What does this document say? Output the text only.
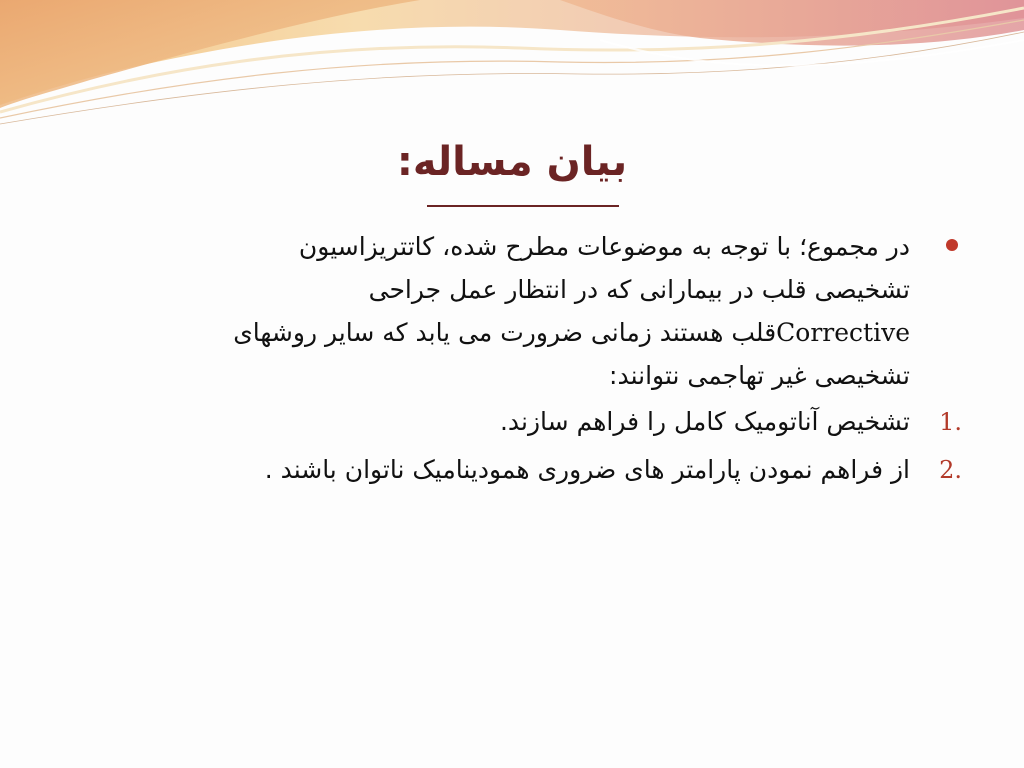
بیان مساله:
در مجموع؛ با توجه به موضوعات مطرح شده، کاتتریزاسیون
تشخیصی قلب در بیمارانی که در انتظار عمل جراحی
Correctiveقلب هستند زمانی ضرورت می یابد که سایر روشهای
تشخیصی غیر تهاجمی نتوانند:
1.
تشخیص آناتومیک کامل را فراهم سازند.
2.
از فراهم نمودن پارامتر های ضروری همودینامیک ناتوان باشند .
